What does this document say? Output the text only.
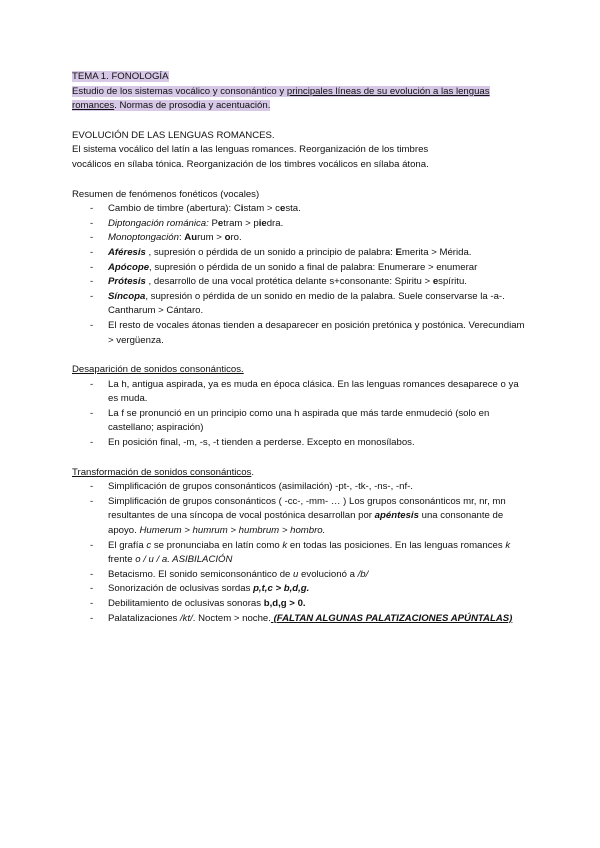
TEMA 1. FONOLOGÍA
Estudio de los sistemas vocálico y consonántico y principales líneas de su evolución a las lenguas romances. Normas de prosodia y acentuación.
EVOLUCIÓN DE LAS LENGUAS ROMANCES.
El sistema vocálico del latín a las lenguas romances. Reorganización de los timbres
vocálicos en sílaba tónica. Reorganización de los timbres vocálicos en sílaba átona.
Resumen de fenómenos fonéticos (vocales)
- Cambio de timbre (abertura): Cistam > cesta.
- Diptongación románica: Petram > piedra.
- Monoptongación: Aurum > oro.
- Aféresis , supresión o pérdida de un sonido a principio de palabra: Emerita > Mérida.
- Apócope, supresión o pérdida de un sonido a final de palabra: Enumerare > enumerar
- Prótesis , desarrollo de una vocal protética delante s+consonante: Spiritu > espíritu.
- Síncopa, supresión o pérdida de un sonido en medio de la palabra. Suele conservarse la -a-. Cantharum > Cántaro.
- El resto de vocales átonas tienden a desaparecer en posición pretónica y postónica. Verecundiam > vergüenza.
Desaparición de sonidos consonánticos.
- La h, antigua aspirada, ya es muda en época clásica. En las lenguas romances desaparece o ya es muda.
- La f se pronunció en un principio como una h aspirada que más tarde enmudeció (solo en castellano; aspiración)
- En posición final, -m, -s, -t tienden a perderse. Excepto en monosílabos.
Transformación de sonidos consonánticos.
- Simplificación de grupos consonánticos (asimilación) -pt-, -tk-, -ns-, -nf-.
- Simplificación de grupos consonánticos ( -cc-, -mm- … ) Los grupos consonánticos mr, nr, mn resultantes de una síncopa de vocal postónica desarrollan por apéntesis una consonante de apoyo. Humerum > humrum > humbrum > hombro.
- El grafía c se pronunciaba en latín como k en todas las posiciones. En las lenguas romances k frente o / u / a. ASIBILACIÓN
- Betacismo. El sonido semiconsonántico de u evolucionó a /b/
- Sonorización de oclusivas sordas p,t,c > b,d,g.
- Debilitamiento de oclusivas sonoras b,d,g > 0.
- Palatalizaciones /kt/. Noctem > noche. (FALTAN ALGUNAS PALATIZACIONES APÚNTALAS)
